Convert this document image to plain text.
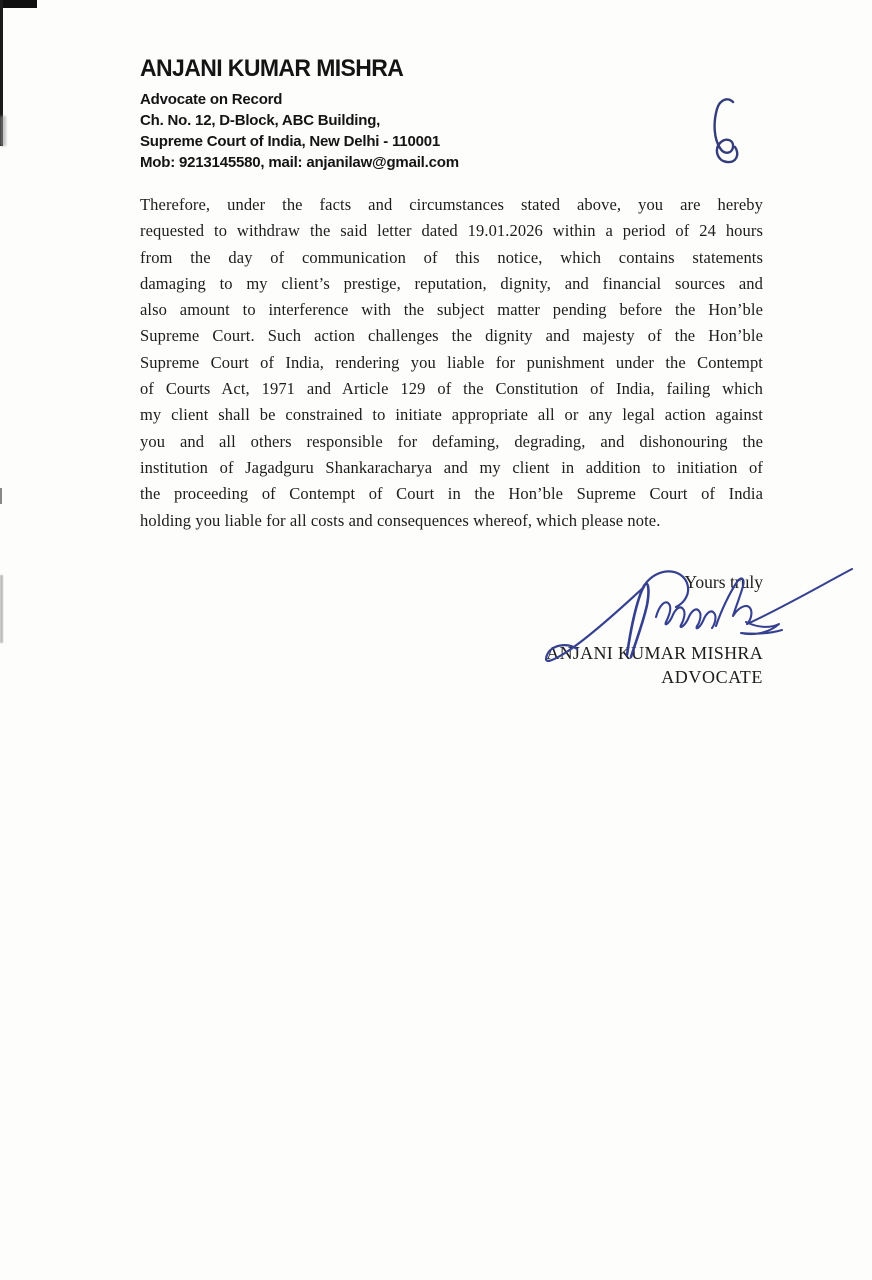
ANJANI KUMAR MISHRA
Advocate on Record
Ch. No. 12, D-Block, ABC Building,
Supreme Court of India, New Delhi - 110001
Mob: 9213145580, mail: anjanilaw@gmail.com
Therefore, under the facts and circumstances stated above, you are hereby
requested to withdraw the said letter dated 19.01.2026 within a period of 24 hours
from the day of communication of this notice, which contains statements
damaging to my client’s prestige, reputation, dignity, and financial sources and
also amount to interference with the subject matter pending before the Hon’ble
Supreme Court. Such action challenges the dignity and majesty of the Hon’ble
Supreme Court of India, rendering you liable for punishment under the Contempt
of Courts Act, 1971 and Article 129 of the Constitution of India, failing which
my client shall be constrained to initiate appropriate all or any legal action against
you and all others responsible for defaming, degrading, and dishonouring the
institution of Jagadguru Shankaracharya and my client in addition to initiation of
the proceeding of Contempt of Court in the Hon’ble Supreme Court of India
holding you liable for all costs and consequences whereof, which please note.
Yours truly
ANJANI KUMAR MISHRA
ADVOCATE
